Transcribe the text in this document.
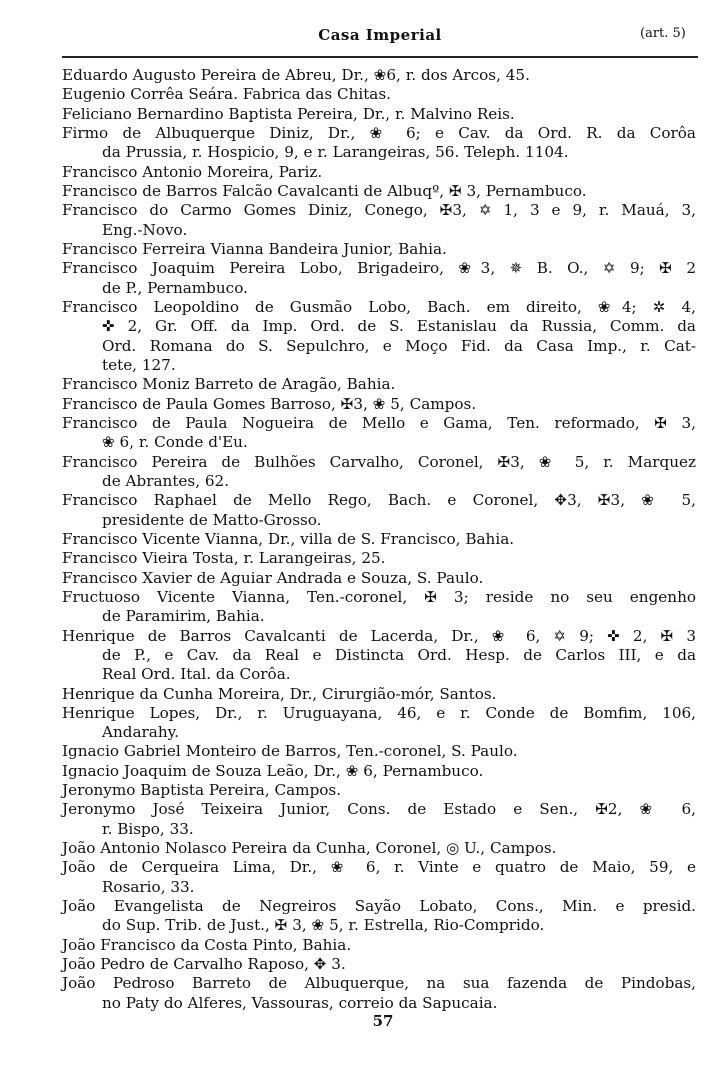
Casa Imperial	(art. 5)
Eduardo Augusto Pereira de Abreu, Dr., ❀6, r. dos Arcos, 45.
Eugenio Corrêa Seára. Fabrica das Chitas.
Feliciano Bernardino Baptista Pereira, Dr., r. Malvino Reis.
Firmo de Albuquerque Diniz, Dr., ❀ 6; e Cav. da Ord. R. da Corôa
da Prussia, r. Hospicio, 9, e r. Larangeiras, 56. Teleph. 1104.
Francisco Antonio Moreira, Pariz.
Francisco de Barros Falcão Cavalcanti de Albuqº, ✠ 3, Pernambuco.
Francisco do Carmo Gomes Diniz, Conego, ✠3, ✡ 1, 3 e 9, r. Mauá, 3,
Eng.-Novo.
Francisco Ferreira Vianna Bandeira Junior, Bahia.
Francisco Joaquim Pereira Lobo, Brigadeiro, ❀3, ✵ B. O., ✡ 9; ✠ 2
de P., Pernambuco.
Francisco Leopoldino de Gusmão Lobo, Bach. em direito, ❀4; ✲ 4,
✜ 2, Gr. Off. da Imp. Ord. de S. Estanislau da Russia, Comm. da
Ord. Romana do S. Sepulchro, e Moço Fid. da Casa Imp., r. Cat-
tete, 127.
Francisco Moniz Barreto de Aragão, Bahia.
Francisco de Paula Gomes Barroso, ✠3, ❀ 5, Campos.
Francisco de Paula Nogueira de Mello e Gama, Ten. reformado, ✠ 3,
❀ 6, r. Conde d'Eu.
Francisco Pereira de Bulhões Carvalho, Coronel, ✠3, ❀ 5, r. Marquez
de Abrantes, 62.
Francisco Raphael de Mello Rego, Bach. e Coronel, ✥3, ✠3, ❀ 5,
presidente de Matto-Grosso.
Francisco Vicente Vianna, Dr., villa de S. Francisco, Bahia.
Francisco Vieira Tosta, r. Larangeiras, 25.
Francisco Xavier de Aguiar Andrada e Souza, S. Paulo.
Fructuoso Vicente Vianna, Ten.-coronel, ✠ 3; reside no seu engenho
de Paramirim, Bahia.
Henrique de Barros Cavalcanti de Lacerda, Dr., ❀ 6, ✡ 9; ✜ 2, ✠ 3
de P., e Cav. da Real e Distincta Ord. Hesp. de Carlos III, e da
Real Ord. Ital. da Corôa.
Henrique da Cunha Moreira, Dr., Cirurgião-mór, Santos.
Henrique Lopes, Dr., r. Uruguayana, 46, e r. Conde de Bomfim, 106,
Andarahy.
Ignacio Gabriel Monteiro de Barros, Ten.-coronel, S. Paulo.
Ignacio Joaquim de Souza Leão, Dr., ❀ 6, Pernambuco.
Jeronymo Baptista Pereira, Campos.
Jeronymo José Teixeira Junior, Cons. de Estado e Sen., ✠2, ❀ 6,
r. Bispo, 33.
João Antonio Nolasco Pereira da Cunha, Coronel, ◎ U., Campos.
João de Cerqueira Lima, Dr., ❀ 6, r. Vinte e quatro de Maio, 59, e
Rosario, 33.
João Evangelista de Negreiros Sayão Lobato, Cons., Min. e presid.
do Sup. Trib. de Just., ✠ 3, ❀ 5, r. Estrella, Rio-Comprido.
João Francisco da Costa Pinto, Bahia.
João Pedro de Carvalho Raposo, ✥ 3.
João Pedroso Barreto de Albuquerque, na sua fazenda de Pindobas,
no Paty do Alferes, Vassouras, correio da Sapucaia.
57
